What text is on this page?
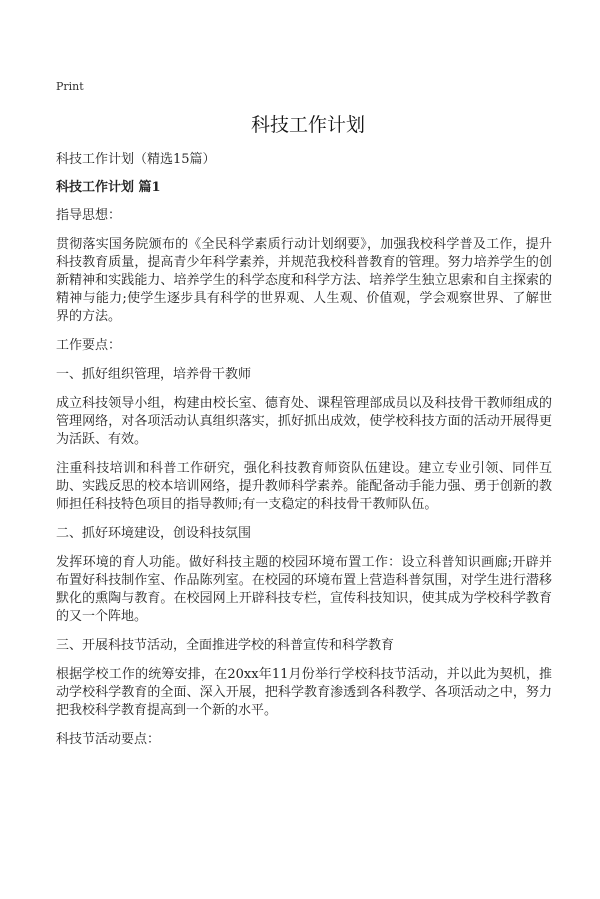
Print
科技工作计划

科技工作计划（精选15篇）

科技工作计划 篇1

指导思想：

贯彻落实国务院颁布的《全民科学素质行动计划纲要》，加强我校科学普及工作，提升科技教育质量，提高青少年科学素养，并规范我校科普教育的管理。努力培养学生的创新精神和实践能力、培养学生的科学态度和科学方法、培养学生独立思索和自主探索的精神与能力;使学生逐步具有科学的世界观、人生观、价值观，学会观察世界、了解世界的方法。

工作要点：

一、抓好组织管理，培养骨干教师

成立科技领导小组，构建由校长室、德育处、课程管理部成员以及科技骨干教师组成的管理网络，对各项活动认真组织落实，抓好抓出成效，使学校科技方面的活动开展得更为活跃、有效。

注重科技培训和科普工作研究，强化科技教育师资队伍建设。建立专业引领、同伴互助、实践反思的校本培训网络，提升教师科学素养。能配备动手能力强、勇于创新的教师担任科技特色项目的指导教师;有一支稳定的科技骨干教师队伍。

二、抓好环境建设，创设科技氛围

发挥环境的育人功能。做好科技主题的校园环境布置工作：设立科普知识画廊;开辟并布置好科技制作室、作品陈列室。在校园的环境布置上营造科普氛围，对学生进行潜移默化的熏陶与教育。在校园网上开辟科技专栏，宣传科技知识，使其成为学校科学教育的又一个阵地。

三、开展科技节活动，全面推进学校的科普宣传和科学教育

根据学校工作的统筹安排，在20xx年11月份举行学校科技节活动，并以此为契机，推动学校科学教育的全面、深入开展，把科学教育渗透到各科教学、各项活动之中，努力把我校科学教育提高到一个新的水平。

科技节活动要点：
